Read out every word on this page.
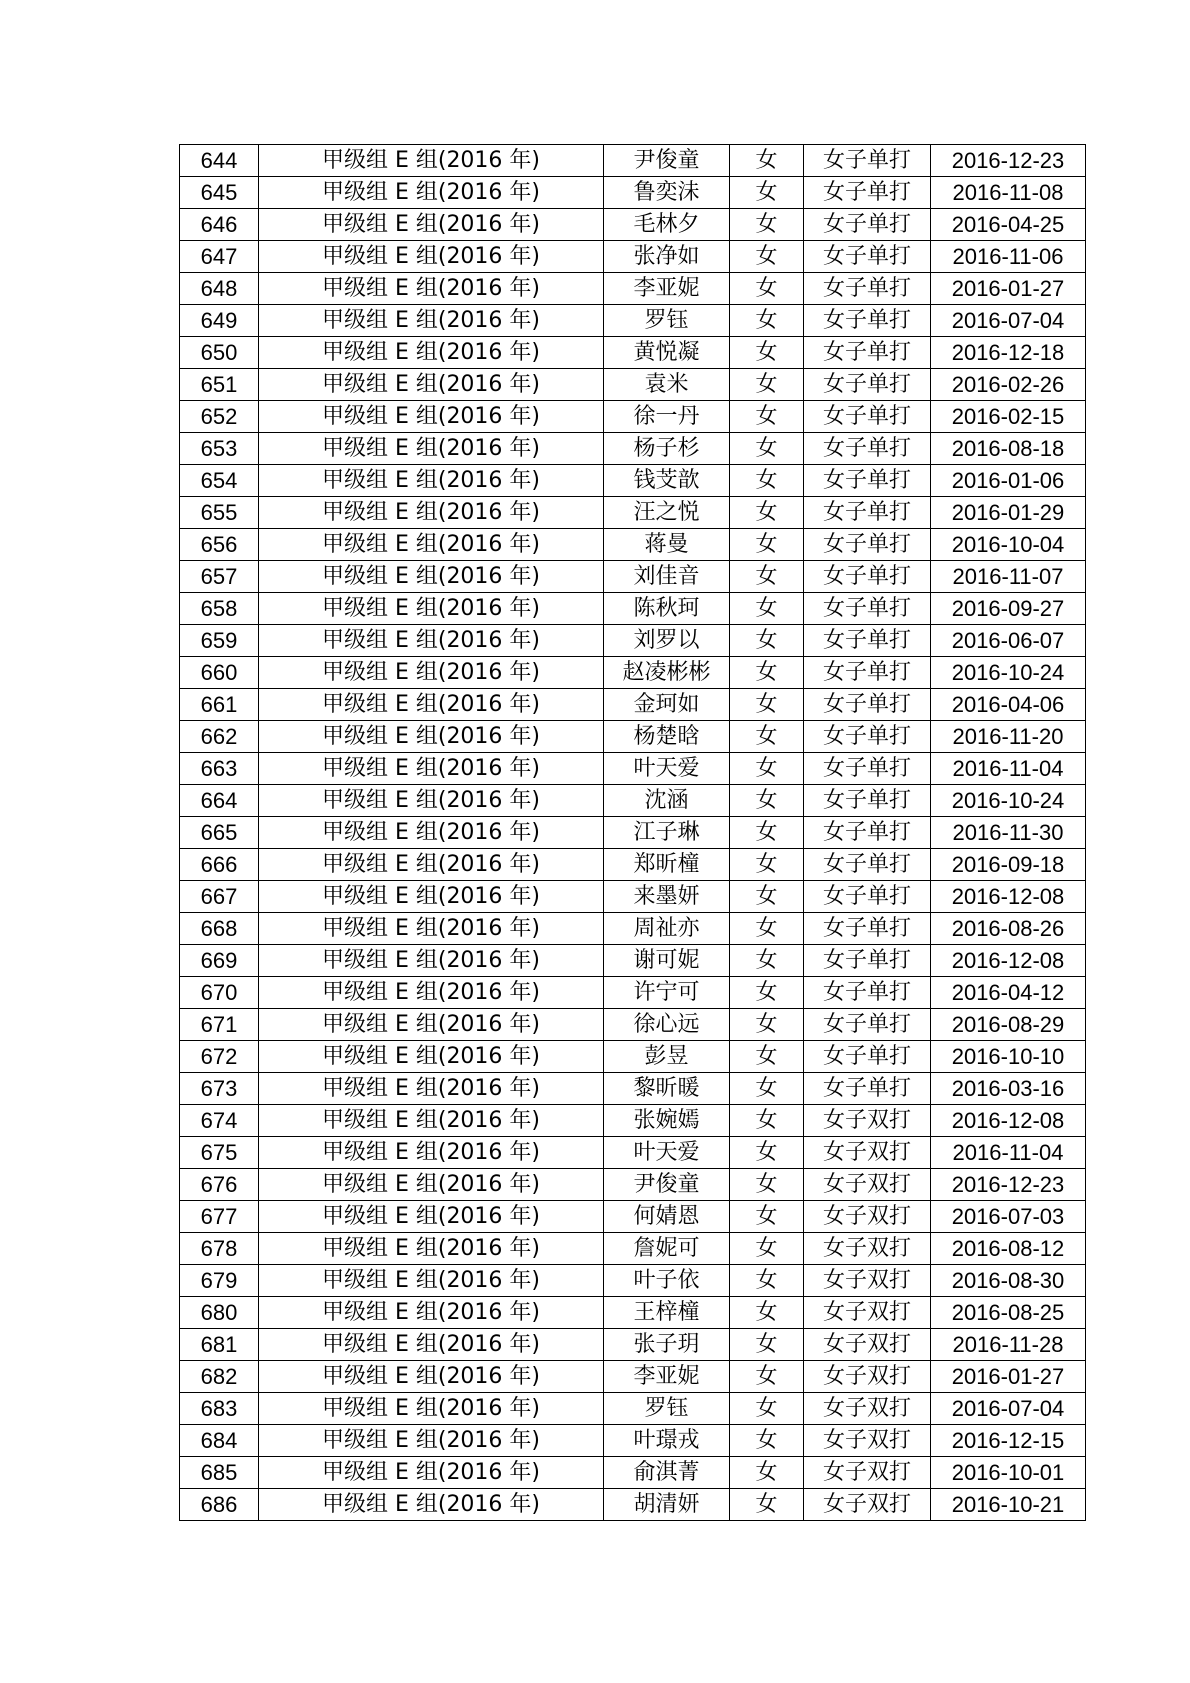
644	甲级组 E 组(2016 年)	尹俊童	女	女子单打	2016-12-23
645	甲级组 E 组(2016 年)	鲁奕沬	女	女子单打	2016-11-08
646	甲级组 E 组(2016 年)	毛林夕	女	女子单打	2016-04-25
647	甲级组 E 组(2016 年)	张净如	女	女子单打	2016-11-06
648	甲级组 E 组(2016 年)	李亚妮	女	女子单打	2016-01-27
649	甲级组 E 组(2016 年)	罗钰	女	女子单打	2016-07-04
650	甲级组 E 组(2016 年)	黄悦凝	女	女子单打	2016-12-18
651	甲级组 E 组(2016 年)	袁米	女	女子单打	2016-02-26
652	甲级组 E 组(2016 年)	徐一丹	女	女子单打	2016-02-15
653	甲级组 E 组(2016 年)	杨子杉	女	女子单打	2016-08-18
654	甲级组 E 组(2016 年)	钱芠歆	女	女子单打	2016-01-06
655	甲级组 E 组(2016 年)	汪之悦	女	女子单打	2016-01-29
656	甲级组 E 组(2016 年)	蒋曼	女	女子单打	2016-10-04
657	甲级组 E 组(2016 年)	刘佳音	女	女子单打	2016-11-07
658	甲级组 E 组(2016 年)	陈秋珂	女	女子单打	2016-09-27
659	甲级组 E 组(2016 年)	刘罗以	女	女子单打	2016-06-07
660	甲级组 E 组(2016 年)	赵凌彬彬	女	女子单打	2016-10-24
661	甲级组 E 组(2016 年)	金珂如	女	女子单打	2016-04-06
662	甲级组 E 组(2016 年)	杨楚晗	女	女子单打	2016-11-20
663	甲级组 E 组(2016 年)	叶天爱	女	女子单打	2016-11-04
664	甲级组 E 组(2016 年)	沈涵	女	女子单打	2016-10-24
665	甲级组 E 组(2016 年)	江子琳	女	女子单打	2016-11-30
666	甲级组 E 组(2016 年)	郑昕橦	女	女子单打	2016-09-18
667	甲级组 E 组(2016 年)	来墨妍	女	女子单打	2016-12-08
668	甲级组 E 组(2016 年)	周祉亦	女	女子单打	2016-08-26
669	甲级组 E 组(2016 年)	谢可妮	女	女子单打	2016-12-08
670	甲级组 E 组(2016 年)	许宁可	女	女子单打	2016-04-12
671	甲级组 E 组(2016 年)	徐心远	女	女子单打	2016-08-29
672	甲级组 E 组(2016 年)	彭昱	女	女子单打	2016-10-10
673	甲级组 E 组(2016 年)	黎昕暖	女	女子单打	2016-03-16
674	甲级组 E 组(2016 年)	张婉嫣	女	女子双打	2016-12-08
675	甲级组 E 组(2016 年)	叶天爱	女	女子双打	2016-11-04
676	甲级组 E 组(2016 年)	尹俊童	女	女子双打	2016-12-23
677	甲级组 E 组(2016 年)	何婧恩	女	女子双打	2016-07-03
678	甲级组 E 组(2016 年)	詹妮可	女	女子双打	2016-08-12
679	甲级组 E 组(2016 年)	叶子依	女	女子双打	2016-08-30
680	甲级组 E 组(2016 年)	王梓橦	女	女子双打	2016-08-25
681	甲级组 E 组(2016 年)	张子玥	女	女子双打	2016-11-28
682	甲级组 E 组(2016 年)	李亚妮	女	女子双打	2016-01-27
683	甲级组 E 组(2016 年)	罗钰	女	女子双打	2016-07-04
684	甲级组 E 组(2016 年)	叶璟戎	女	女子双打	2016-12-15
685	甲级组 E 组(2016 年)	俞淇菁	女	女子双打	2016-10-01
686	甲级组 E 组(2016 年)	胡清妍	女	女子双打	2016-10-21
